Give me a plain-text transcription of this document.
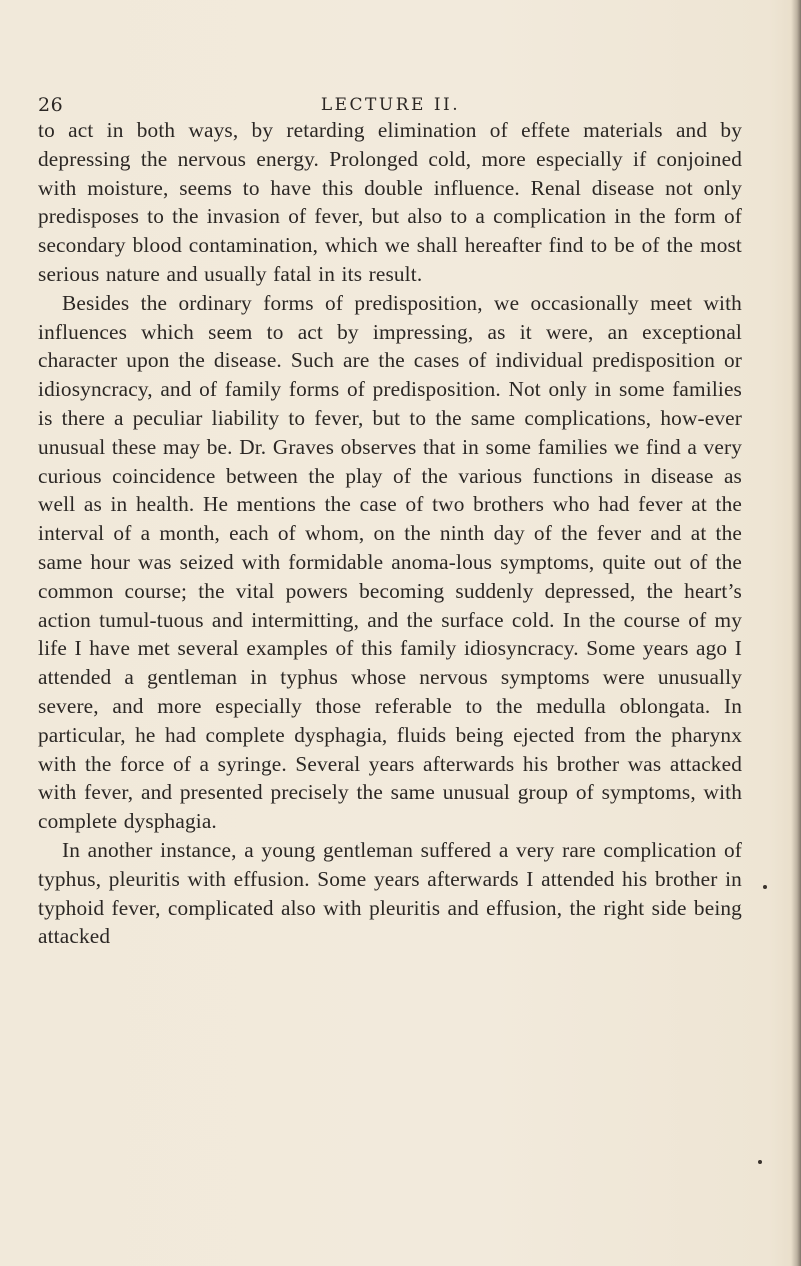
26	LECTURE II.

to act in both ways, by retarding elimination of effete materials and by depressing the nervous energy. Prolonged cold, more especially if conjoined with moisture, seems to have this double influence. Renal disease not only predisposes to the invasion of fever, but also to a complication in the form of secondary blood contamination, which we shall hereafter find to be of the most serious nature and usually fatal in its result.

Besides the ordinary forms of predisposition, we occasionally meet with influences which seem to act by impressing, as it were, an exceptional character upon the disease. Such are the cases of individual predisposition or idiosyncracy, and of family forms of predisposition. Not only in some families is there a peculiar liability to fever, but to the same complications, how-ever unusual these may be. Dr. Graves observes that in some families we find a very curious coincidence between the play of the various functions in disease as well as in health. He mentions the case of two brothers who had fever at the interval of a month, each of whom, on the ninth day of the fever and at the same hour was seized with formidable anoma-lous symptoms, quite out of the common course; the vital powers becoming suddenly depressed, the heart’s action tumul-tuous and intermitting, and the surface cold. In the course of my life I have met several examples of this family idiosyncracy. Some years ago I attended a gentleman in typhus whose nervous symptoms were unusually severe, and more especially those referable to the medulla oblongata. In particular, he had complete dysphagia, fluids being ejected from the pharynx with the force of a syringe. Several years afterwards his brother was attacked with fever, and presented precisely the same unusual group of symptoms, with complete dysphagia.

In another instance, a young gentleman suffered a very rare complication of typhus, pleuritis with effusion. Some years afterwards I attended his brother in typhoid fever, complicated also with pleuritis and effusion, the right side being attacked
